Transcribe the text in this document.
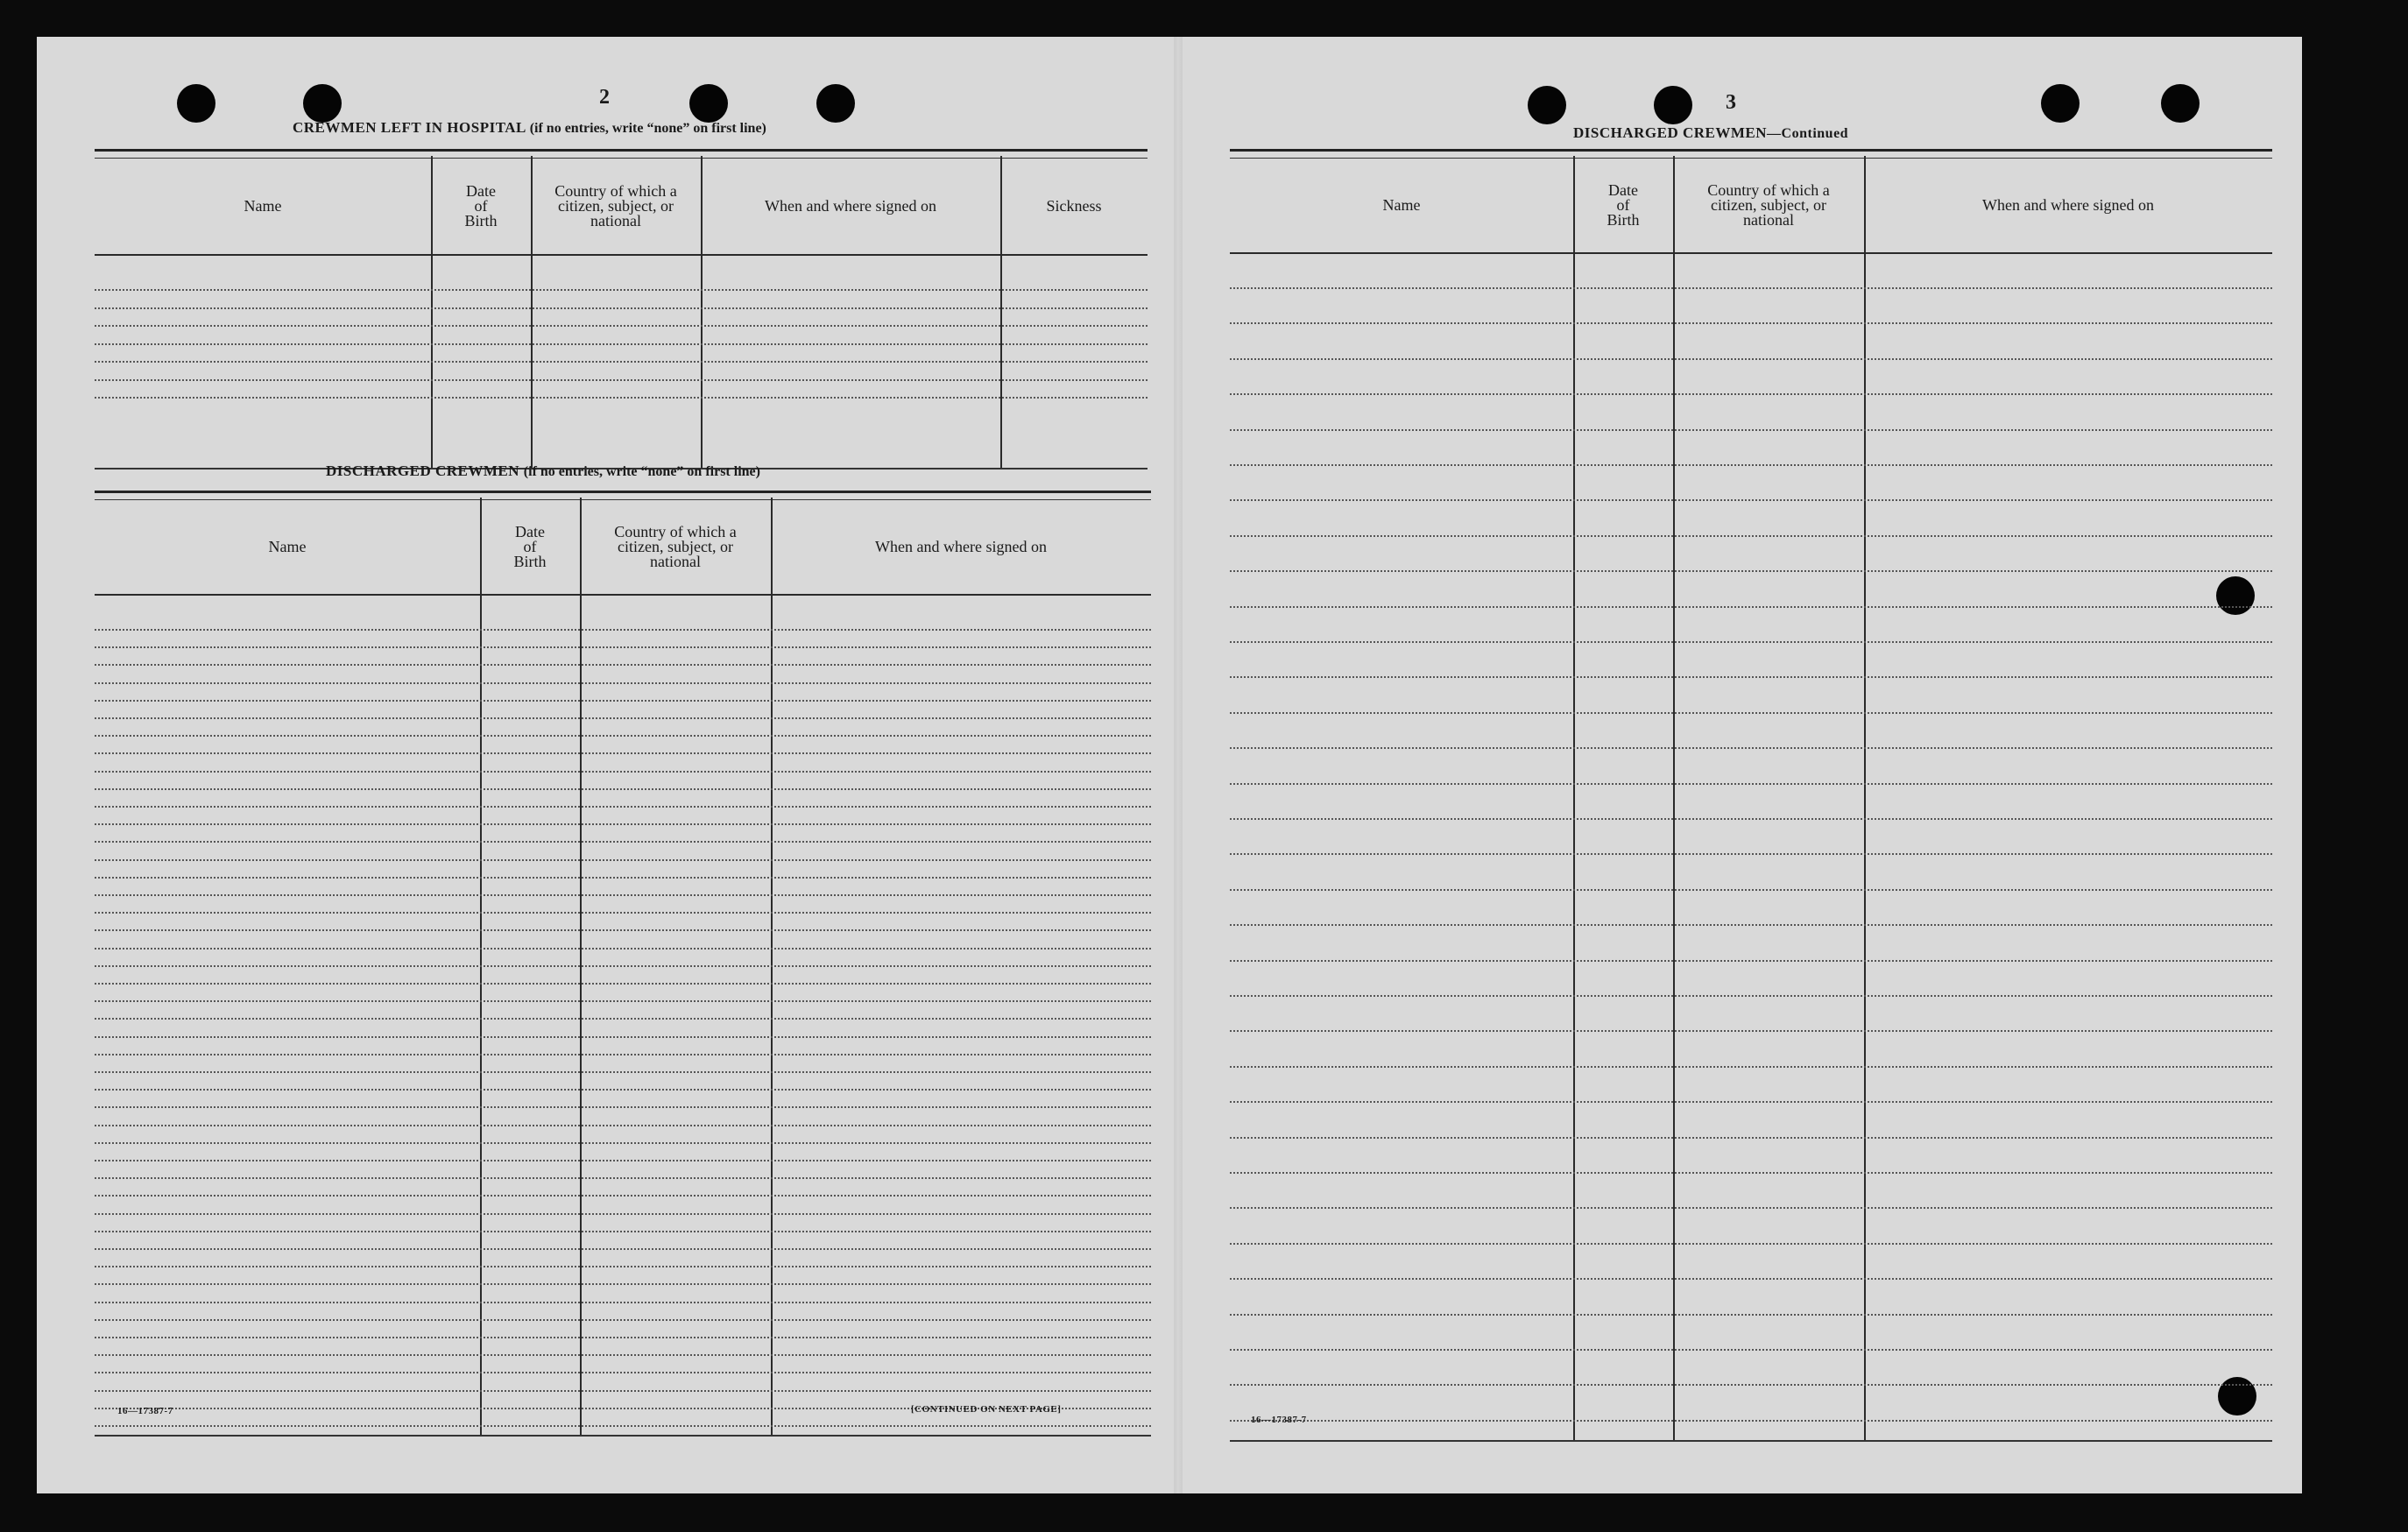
2
CREWMEN LEFT IN HOSPITAL (if no entries, write “none” on first line)
Name
Date
of
Birth
Country of which a
citizen, subject, or
national
When and where signed on	Sickness
DISCHARGED CREWMEN (if no entries, write “none” on first line)
Name
Date
of
Birth
Country of which a
citizen, subject, or
national
When and where signed on
16—17387-7	[CONTINUED ON NEXT PAGE]
3
DISCHARGED CREWMEN—Continued
Name
Date
of
Birth
Country of which a
citizen, subject, or
national
When and where signed on
16—17387-7
